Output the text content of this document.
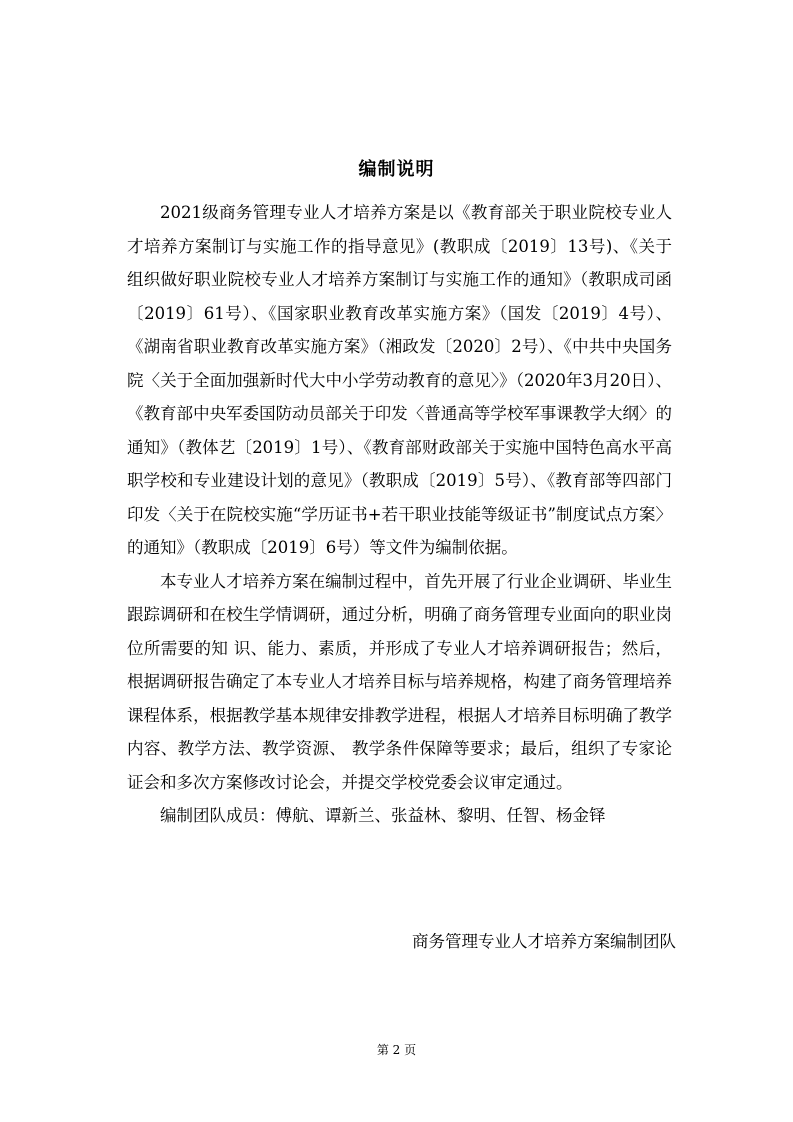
编制说明

2021级商务管理专业人才培养方案是以《教育部关于职业院校专业人才培养方案制订与实施工作的指导意见》(教职成〔2019〕13号)、《关于组织做好职业院校专业人才培养方案制订与实施工作的通知》（教职成司函〔2019〕61号）、《国家职业教育改革实施方案》（国发〔2019〕4号）、《湖南省职业教育改革实施方案》（湘政发〔2020〕2号）、《中共中央国务院〈关于全面加强新时代大中小学劳动教育的意见〉》（2020年3月20日）、《教育部中央军委国防动员部关于印发〈普通高等学校军事课教学大纲〉的通知》（教体艺〔2019〕1号）、《教育部财政部关于实施中国特色高水平高职学校和专业建设计划的意见》（教职成〔2019〕5号）、《教育部等四部门印发〈关于在院校实施“学历证书+若干职业技能等级证书”制度试点方案〉的通知》（教职成〔2019〕6号）等文件为编制依据。

本专业人才培养方案在编制过程中，首先开展了行业企业调研、毕业生跟踪调研和在校生学情调研，通过分析，明确了商务管理专业面向的职业岗位所需要的知 识、能力、素质，并形成了专业人才培养调研报告；然后， 根据调研报告确定了本专业人才培养目标与培养规格，构建了商务管理培养课程体系，根据教学基本规律安排教学进程，根据人才培养目标明确了教学内容、教学方法、教学资源、 教学条件保障等要求；最后，组织了专家论证会和多次方案修改讨论会，并提交学校党委会议审定通过。

编制团队成员：傅航、谭新兰、张益林、黎明、任智、杨金铎

商务管理专业人才培养方案编制团队
第 2 页
